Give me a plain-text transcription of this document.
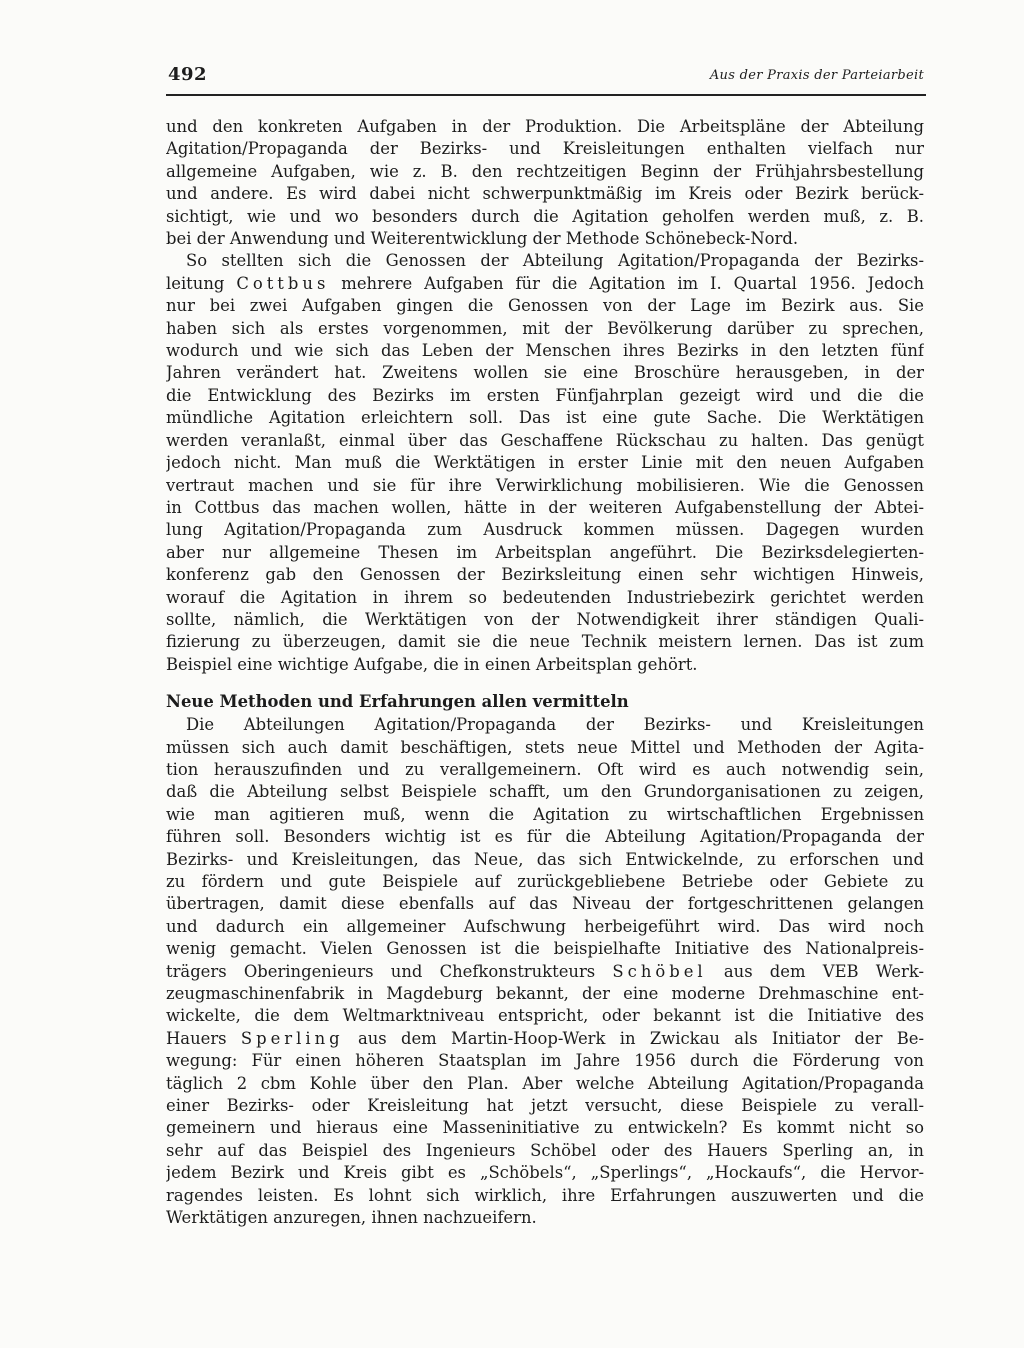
492	Aus der Praxis der Parteiarbeit

und den konkreten Aufgaben in der Produktion. Die Arbeitspläne der Abteilung
Agitation/Propaganda der Bezirks- und Kreisleitungen enthalten vielfach nur
allgemeine Aufgaben, wie z. B. den rechtzeitigen Beginn der Frühjahrsbestellung
und andere. Es wird dabei nicht schwerpunktmäßig im Kreis oder Bezirk berück-
sichtigt, wie und wo besonders durch die Agitation geholfen werden muß, z. B.
bei der Anwendung und Weiterentwicklung der Methode Schönebeck-Nord.

So stellten sich die Genossen der Abteilung Agitation/Propaganda der Bezirks-
leitung Cottbus mehrere Aufgaben für die Agitation im I. Quartal 1956. Jedoch
nur bei zwei Aufgaben gingen die Genossen von der Lage im Bezirk aus. Sie
haben sich als erstes vorgenommen, mit der Bevölkerung darüber zu sprechen,
wodurch und wie sich das Leben der Menschen ihres Bezirks in den letzten fünf
Jahren verändert hat. Zweitens wollen sie eine Broschüre herausgeben, in der
die Entwicklung des Bezirks im ersten Fünfjahrplan gezeigt wird und die die
mündliche Agitation erleichtern soll. Das ist eine gute Sache. Die Werktätigen
werden veranlaßt, einmal über das Geschaffene Rückschau zu halten. Das genügt
jedoch nicht. Man muß die Werktätigen in erster Linie mit den neuen Aufgaben
vertraut machen und sie für ihre Verwirklichung mobilisieren. Wie die Genossen
in Cottbus das machen wollen, hätte in der weiteren Aufgabenstellung der Abtei-
lung Agitation/Propaganda zum Ausdruck kommen müssen. Dagegen wurden
aber nur allgemeine Thesen im Arbeitsplan angeführt. Die Bezirksdelegierten-
konferenz gab den Genossen der Bezirksleitung einen sehr wichtigen Hinweis,
worauf die Agitation in ihrem so bedeutenden Industriebezirk gerichtet werden
sollte, nämlich, die Werktätigen von der Notwendigkeit ihrer ständigen Quali-
fizierung zu überzeugen, damit sie die neue Technik meistern lernen. Das ist zum
Beispiel eine wichtige Aufgabe, die in einen Arbeitsplan gehört.

Neue Methoden und Erfahrungen allen vermitteln

Die Abteilungen Agitation/Propaganda der Bezirks- und Kreisleitungen
müssen sich auch damit beschäftigen, stets neue Mittel und Methoden der Agita-
tion herauszufinden und zu verallgemeinern. Oft wird es auch notwendig sein,
daß die Abteilung selbst Beispiele schafft, um den Grundorganisationen zu zeigen,
wie man agitieren muß, wenn die Agitation zu wirtschaftlichen Ergebnissen
führen soll. Besonders wichtig ist es für die Abteilung Agitation/Propaganda der
Bezirks- und Kreisleitungen, das Neue, das sich Entwickelnde, zu erforschen und
zu fördern und gute Beispiele auf zurückgebliebene Betriebe oder Gebiete zu
übertragen, damit diese ebenfalls auf das Niveau der fortgeschrittenen gelangen
und dadurch ein allgemeiner Aufschwung herbeigeführt wird. Das wird noch
wenig gemacht. Vielen Genossen ist die beispielhafte Initiative des Nationalpreis-
trägers Oberingenieurs und Chefkonstrukteurs Schöbel aus dem VEB Werk-
zeugmaschinenfabrik in Magdeburg bekannt, der eine moderne Drehmaschine ent-
wickelte, die dem Weltmarktniveau entspricht, oder bekannt ist die Initiative des
Hauers Sperling aus dem Martin-Hoop-Werk in Zwickau als Initiator der Be-
wegung: Für einen höheren Staatsplan im Jahre 1956 durch die Förderung von
täglich 2 cbm Kohle über den Plan. Aber welche Abteilung Agitation/Propaganda
einer Bezirks- oder Kreisleitung hat jetzt versucht, diese Beispiele zu verall-
gemeinern und hieraus eine Masseninitiative zu entwickeln? Es kommt nicht so
sehr auf das Beispiel des Ingenieurs Schöbel oder des Hauers Sperling an, in
jedem Bezirk und Kreis gibt es „Schöbels“, „Sperlings“, „Hockaufs“, die Hervor-
ragendes leisten. Es lohnt sich wirklich, ihre Erfahrungen auszuwerten und die
Werktätigen anzuregen, ihnen nachzueifern.
